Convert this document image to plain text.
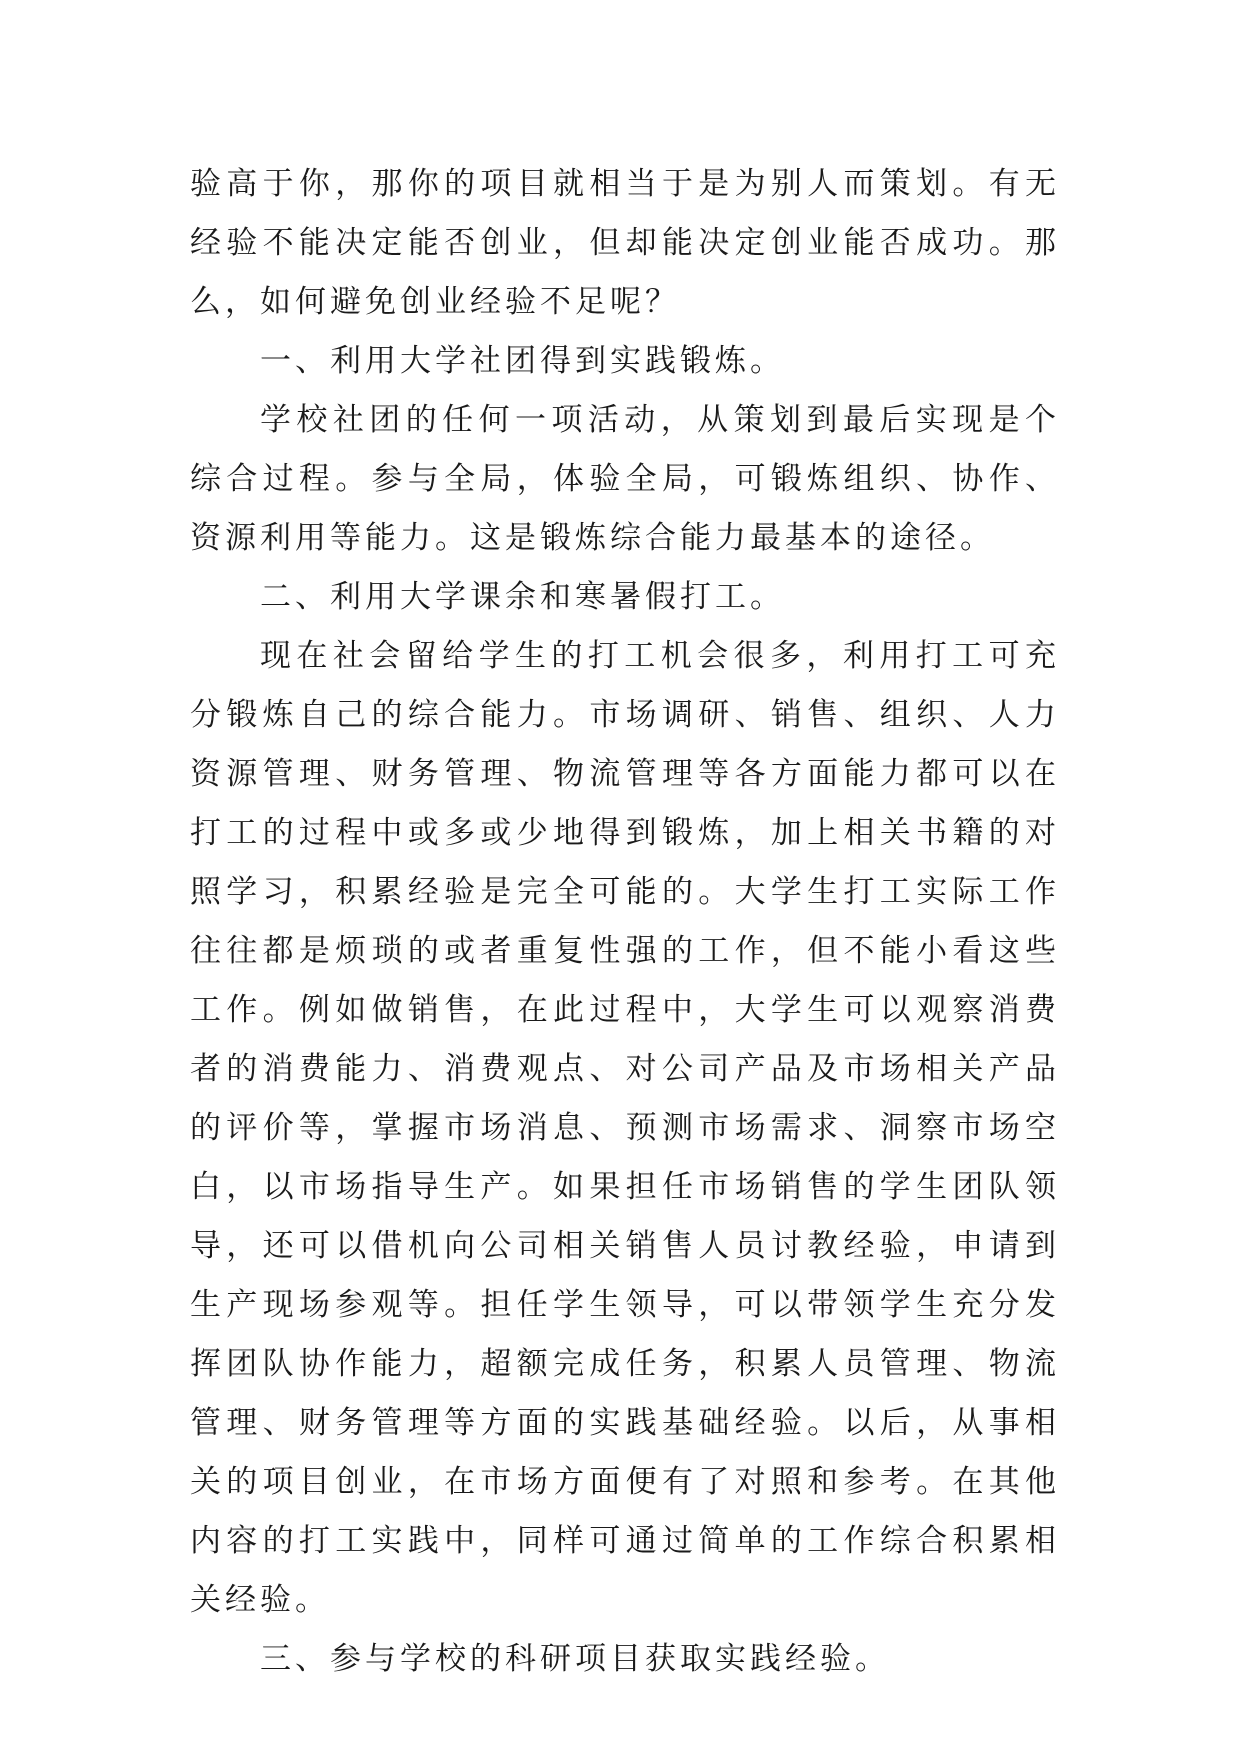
验高于你，那你的项目就相当于是为别人而策划。有无经验不能决定能否创业，但却能决定创业能否成功。那么，如何避免创业经验不足呢？

一、利用大学社团得到实践锻炼。

学校社团的任何一项活动，从策划到最后实现是个综合过程。参与全局，体验全局，可锻炼组织、协作、资源利用等能力。这是锻炼综合能力最基本的途径。

二、利用大学课余和寒暑假打工。

现在社会留给学生的打工机会很多，利用打工可充分锻炼自己的综合能力。市场调研、销售、组织、人力资源管理、财务管理、物流管理等各方面能力都可以在打工的过程中或多或少地得到锻炼，加上相关书籍的对照学习，积累经验是完全可能的。大学生打工实际工作往往都是烦琐的或者重复性强的工作，但不能小看这些工作。例如做销售，在此过程中，大学生可以观察消费者的消费能力、消费观点、对公司产品及市场相关产品的评价等，掌握市场消息、预测市场需求、洞察市场空白，以市场指导生产。如果担任市场销售的学生团队领导，还可以借机向公司相关销售人员讨教经验，申请到生产现场参观等。担任学生领导，可以带领学生充分发挥团队协作能力，超额完成任务，积累人员管理、物流管理、财务管理等方面的实践基础经验。以后，从事相关的项目创业，在市场方面便有了对照和参考。在其他内容的打工实践中，同样可通过简单的工作综合积累相关经验。

三、参与学校的科研项目获取实践经验。
